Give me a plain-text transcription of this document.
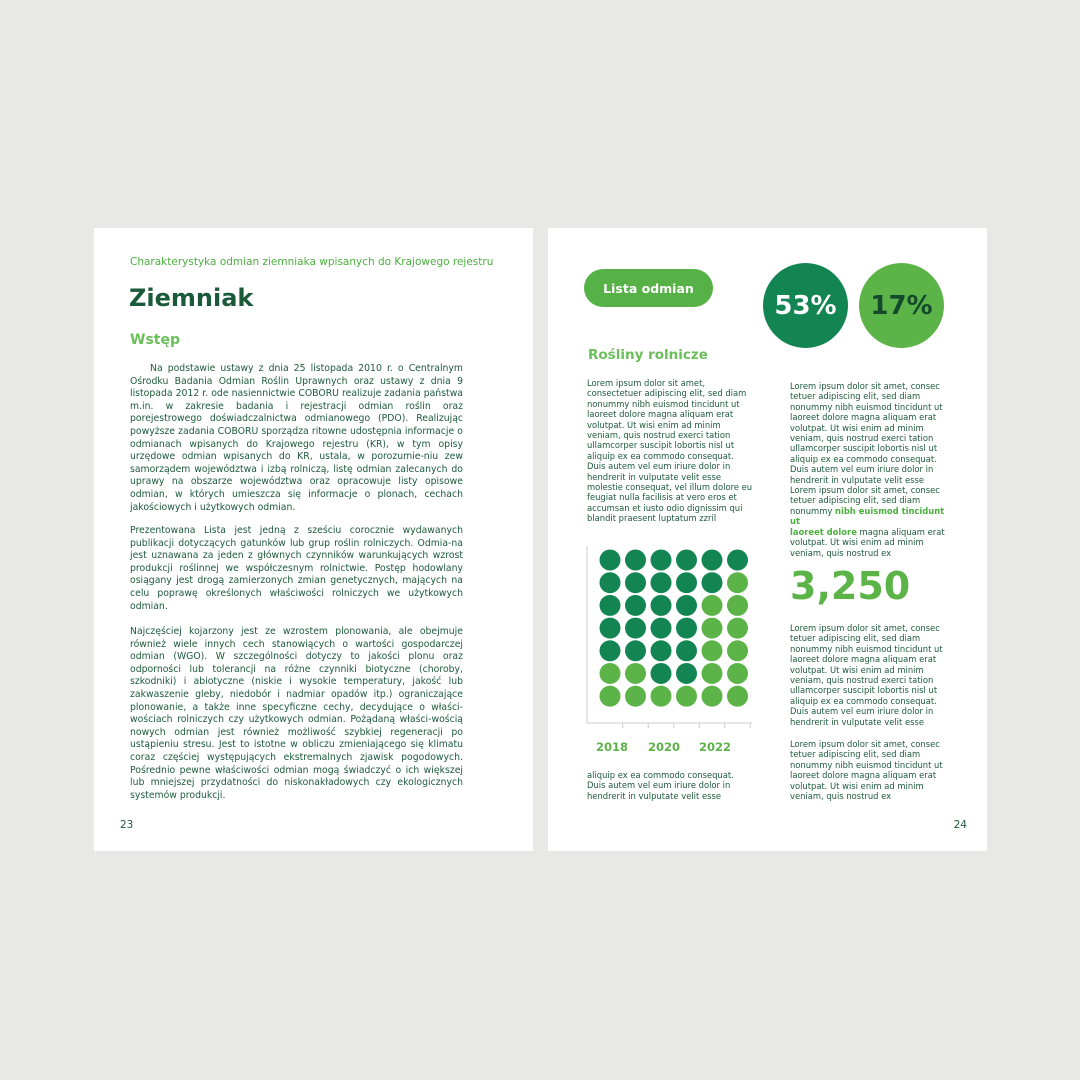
Charakterystyka odmian ziemniaka wpisanych do Krajowego rejestru
Ziemniak
Wstęp

Na podstawie ustawy z dnia 25 listopada 2010 r. o Centralnym Ośrodku Badania Odmian Roślin Uprawnych oraz ustawy z dnia 9 listopada 2012 r. ode nasiennictwie COBORU realizuje zadania państwa m.in. w zakresie badania i rejestracji odmian roślin oraz porejestrowego doświadczalnictwa odmianowego (PDO). Realizując powyższe zadania COBORU sporządza ritowne udostępnia informacje o odmianach wpisanych do Krajowego rejestru (KR), w tym opisy urzędowe odmian wpisanych do KR, ustala, w porozumie-niu zew samorządem województwa i izbą rolniczą, listę odmian zalecanych do uprawy na obszarze województwa oraz opracowuje listy opisowe odmian, w których umieszcza się informacje o plonach, cechach jakościowych i użytkowych odmian.

Prezentowana Lista jest jedną z sześciu corocznie wydawanych publikacji dotyczących gatunków lub grup roślin rolniczych. Odmia-na jest uznawana za jeden z głównych czynników warunkujących wzrost produkcji roślinnej we współczesnym rolnictwie. Postęp hodowlany osiągany jest drogą zamierzonych zmian genetycznych, mających na celu poprawę określonych właściwości rolniczych we użytkowych odmian.

Najczęściej kojarzony jest ze wzrostem plonowania, ale obejmuje również wiele innych cech stanowiących o wartości gospodarczej odmian (WGO). W szczególności dotyczy to jakości plonu oraz odporności lub tolerancji na różne czynniki biotyczne (choroby, szkodniki) i abiotyczne (niskie i wysokie temperatury, jakość lub zakwaszenie gleby, niedobór i nadmiar opadów itp.) ograniczające plonowanie, a także inne specyficzne cechy, decydujące o właści-wościach rolniczych czy użytkowych odmian. Pożądaną właści-wością nowych odmian jest również możliwość szybkiej regeneracji po ustąpieniu stresu. Jest to istotne w obliczu zmieniającego się klimatu coraz częściej występujących ekstremalnych zjawisk pogodowych. Pośrednio pewne właściwości odmian mogą świadczyć o ich większej lub mniejszej przydatności do niskonakładowych czy ekologicznych systemów produkcji.

23
Lista odmian
53%	17%
Rośliny rolnicze

Lorem ipsum dolor sit amet,
consectetuer adipiscing elit, sed diam
nonummy nibh euismod tincidunt ut
laoreet dolore magna aliquam erat
volutpat. Ut wisi enim ad minim
veniam, quis nostrud exerci tation
ullamcorper suscipit lobortis nisl ut
aliquip ex ea commodo consequat.
Duis autem vel eum iriure dolor in
hendrerit in vulputate velit esse
molestie consequat, vel illum dolore eu
feugiat nulla facilisis at vero eros et
accumsan et iusto odio dignissim qui
blandit praesent luptatum zzril

2018 2020 2022

aliquip ex ea commodo consequat.
Duis autem vel eum iriure dolor in
hendrerit in vulputate velit esse

Lorem ipsum dolor sit amet, consec
tetuer adipiscing elit, sed diam
nonummy nibh euismod tincidunt ut
laoreet dolore magna aliquam erat
volutpat. Ut wisi enim ad minim
veniam, quis nostrud exerci tation
ullamcorper suscipit lobortis nisl ut
aliquip ex ea commodo consequat.
Duis autem vel eum iriure dolor in
hendrerit in vulputate velit esse
Lorem ipsum dolor sit amet, consec
tetuer adipiscing elit, sed diam
nonummy nibh euismod tincidunt ut
laoreet dolore magna aliquam erat
volutpat. Ut wisi enim ad minim
veniam, quis nostrud ex
3,250

Lorem ipsum dolor sit amet, consec
tetuer adipiscing elit, sed diam
nonummy nibh euismod tincidunt ut
laoreet dolore magna aliquam erat
volutpat. Ut wisi enim ad minim
veniam, quis nostrud exerci tation
ullamcorper suscipit lobortis nisl ut
aliquip ex ea commodo consequat.
Duis autem vel eum iriure dolor in
hendrerit in vulputate velit esse

Lorem ipsum dolor sit amet, consec
tetuer adipiscing elit, sed diam
nonummy nibh euismod tincidunt ut
laoreet dolore magna aliquam erat
volutpat. Ut wisi enim ad minim
veniam, quis nostrud ex

24
